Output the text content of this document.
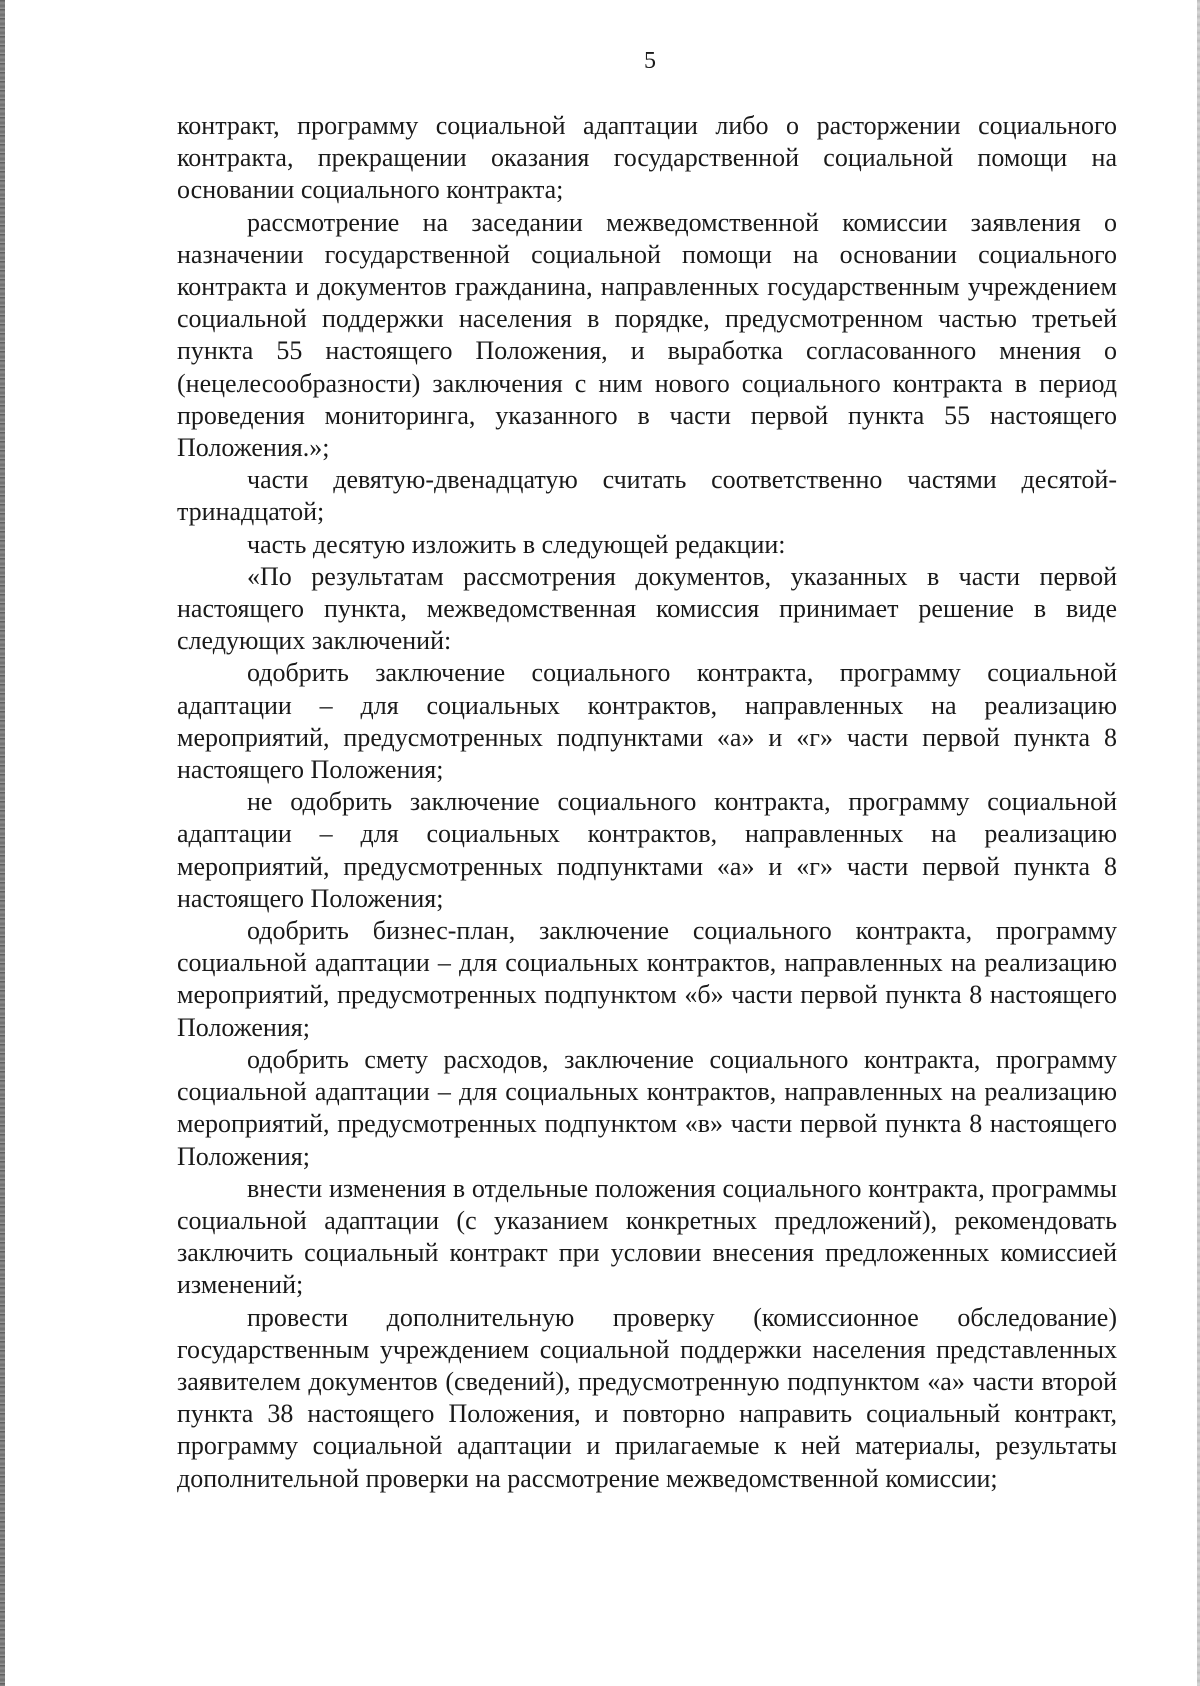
5

контракт, программу социальной адаптации либо о расторжении социального контракта, прекращении оказания государственной социальной помощи на основании социального контракта;

рассмотрение на заседании межведомственной комиссии заявления о назначении государственной социальной помощи на основании социального контракта и документов гражданина, направленных государственным учреждением социальной поддержки населения в порядке, предусмотренном частью третьей пункта 55 настоящего Положения, и выработка согласованного мнения о (нецелесообразности) заключения с ним нового социального контракта в период проведения мониторинга, указанного в части первой пункта 55 настоящего Положения.»;

части девятую-двенадцатую считать соответственно частями десятой-тринадцатой;

часть десятую изложить в следующей редакции:

«По результатам рассмотрения документов, указанных в части первой настоящего пункта, межведомственная комиссия принимает решение в виде следующих заключений:

одобрить заключение социального контракта, программу социальной адаптации – для социальных контрактов, направленных на реализацию мероприятий, предусмотренных подпунктами «а» и «г» части первой пункта 8 настоящего Положения;

не одобрить заключение социального контракта, программу социальной адаптации – для социальных контрактов, направленных на реализацию мероприятий, предусмотренных подпунктами «а» и «г» части первой пункта 8 настоящего Положения;

одобрить бизнес-план, заключение социального контракта, программу социальной адаптации – для социальных контрактов, направленных на реализацию мероприятий, предусмотренных подпунктом «б» части первой пункта 8 настоящего Положения;

одобрить смету расходов, заключение социального контракта, программу социальной адаптации – для социальных контрактов, направленных на реализацию мероприятий, предусмотренных подпунктом «в» части первой пункта 8 настоящего Положения;

внести изменения в отдельные положения социального контракта, программы социальной адаптации (с указанием конкретных предложений), рекомендовать заключить социальный контракт при условии внесения предложенных комиссией изменений;

провести дополнительную проверку (комиссионное обследование) государственным учреждением социальной поддержки населения представленных заявителем документов (сведений), предусмотренную подпунктом «а» части второй пункта 38 настоящего Положения, и повторно направить социальный контракт, программу социальной адаптации и прилагаемые к ней материалы, результаты дополнительной проверки на рассмотрение межведомственной комиссии;
